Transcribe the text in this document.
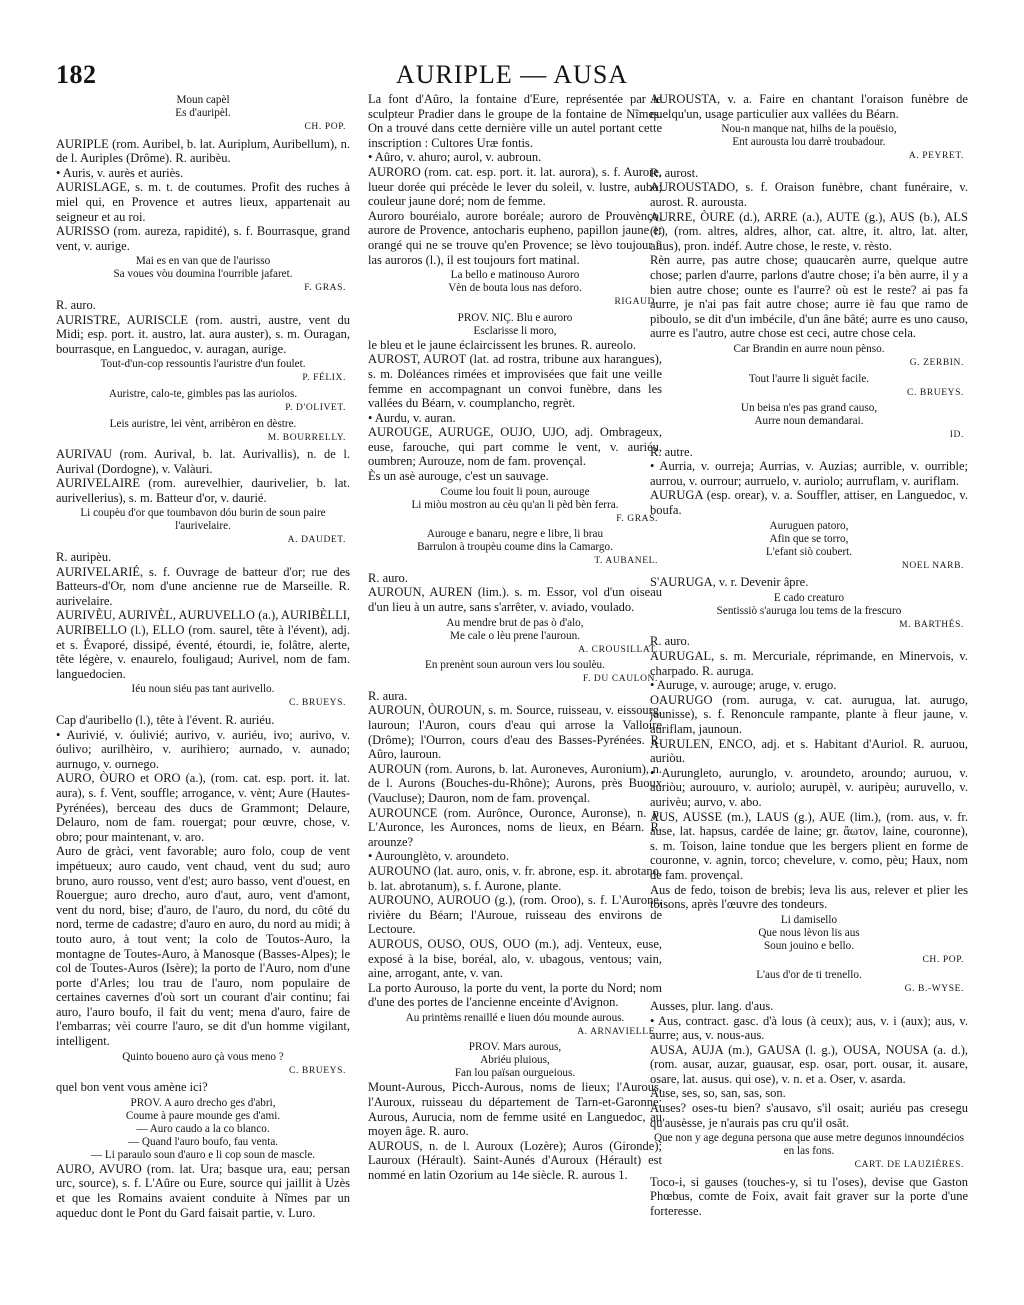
182	AURIPLE — AUSA
Moun capèl
Es d'auripèl.
CH. POP.

AURIPLE (rom. Auribel, b. lat. Auriplum, Auribellum), n. de l. Auriples (Drôme). R. auribèu.

• Auris, v. aurès et auriès.

AURISLAGE, s. m. t. de coutumes. Profit des ruches à miel qui, en Provence et autres lieux, appartenait au seigneur et au roi.

AURISSO (rom. aureza, rapidité), s. f. Bourrasque, grand vent, v. aurige.

Mai es en van que de l'aurisso
Sa voues vòu doumina l'ourrible jafaret.
F. GRAS.

R. auro.

AURISTRE, AURISCLE (rom. austri, austre, vent du Midi; esp. port. it. austro, lat. aura auster), s. m. Ouragan, bourrasque, en Languedoc, v. auragan, aurige.

Tout-d'un-cop ressountis l'auristre d'un foulet.
P. FÉLIX.
Auristre, calo-te, gimbles pas las auriolos.
P. D'OLIVET.
Leis auristre, lei vènt, arribèron en dèstre.
M. BOURRELLY.

AURIVAU (rom. Aurival, b. lat. Aurivallis), n. de l. Aurival (Dordogne), v. Valàuri.

AURIVELAIRE (rom. aurevelhier, daurivelier, b. lat. aurivellerius), s. m. Batteur d'or, v. daurié.

Li coupèu d'or que toumbavon dóu burin de soun paire l'aurivelaire.
A. DAUDET.

R. auripèu.

AURIVELARIÉ, s. f. Ouvrage de batteur d'or; rue des Batteurs-d'Or, nom d'une ancienne rue de Marseille. R. aurivelaire.

AURIVÈU, AURIVÈL, AURUVELLO (a.), AURIBÈLLI, AURIBELLO (l.), ELLO (rom. saurel, tête à l'évent), adj. et s. Évaporé, dissipé, éventé, étourdi, ie, folâtre, alerte, tête légère, v. enaurelo, fouligaud; Aurivel, nom de fam. languedocien.

Iéu noun siéu pas tant aurivello.
C. BRUEYS.

Cap d'auribello (l.), tête à l'évent. R. auriéu.

• Aurivié, v. óulivié; aurivo, v. auriéu, ivo; aurivo, v. óulivo; aurilhèiro, v. aurihiero; aurnado, v. aunado; aurnugo, v. ournego.

AURO, ÒURO et ORO (a.), (rom. cat. esp. port. it. lat. aura), s. f. Vent, souffle; arrogance, v. vènt; Aure (Hautes-Pyrénées), berceau des ducs de Grammont; Delaure, Delauro, nom de fam. rouergat; pour œuvre, chose, v. obro; pour maintenant, v. aro.

Auro de gràci, vent favorable; auro folo, coup de vent impétueux; auro caudo, vent chaud, vent du sud; auro bruno, auro rousso, vent d'est; auro basso, vent d'ouest, en Rouergue; auro drecho, auro d'aut, auro, vent d'amont, vent du nord, bise; d'auro, de l'auro, du nord, du côté du nord, terme de cadastre; d'auro en auro, du nord au midi; à touto auro, à tout vent; la colo de Toutos-Auro, la montagne de Toutes-Auro, à Manosque (Basses-Alpes); le col de Toutes-Auros (Isère); la porto de l'Auro, nom d'une porte d'Arles; lou trau de l'auro, nom populaire de certaines cavernes d'où sort un courant d'air continu; fai auro, l'auro boufo, il fait du vent; mena d'auro, faire de l'embarras; vèi courre l'auro, se dit d'un homme vigilant, intelligent.

Quinto boueno auro çà vous meno ?
C. BRUEYS.

quel bon vent vous amène ici?

PROV. A auro drecho ges d'abri,
Coume à paure mounde ges d'ami.
— Auro caudo a la co blanco.
— Quand l'auro boufo, fau venta.
— Li paraulo soun d'auro e li cop soun de mascle.

AURO, AVURO (rom. lat. Ura; basque ura, eau; persan urc, source), s. f. L'Aûre ou Eure, source qui jaillit à Uzès et que les Romains avaient conduite à Nîmes par un aqueduc dont le Pont du Gard faisait partie, v. Luro.

La font d'Aûro, la fontaine d'Eure, représentée par le sculpteur Pradier dans le groupe de la fontaine de Nîmes. On a trouvé dans cette dernière ville un autel portant cette inscription : Cultores Uræ fontis.

• Aûro, v. ahuro; aurol, v. aubroun.

AURORO (rom. cat. esp. port. it. lat. aurora), s. f. Aurore, lueur dorée qui précède le lever du soleil, v. lustre, aubo; couleur jaune doré; nom de femme.

Auroro bouréialo, aurore boréale; auroro de Prouvènço, aurore de Provence, antocharis eupheno, papillon jaune et orangé qui ne se trouve qu'en Provence; se lèvo toujour à las auroros (l.), il est toujours fort matinal.

La bello e matinouso Auroro
Vèn de bouta lous nas deforo.
RIGAUD.
PROV. NIÇ. Blu e auroro
Esclarisse li moro,

le bleu et le jaune éclaircissent les brunes. R. aureolo.

AUROST, AUROT (lat. ad rostra, tribune aux harangues), s. m. Doléances rimées et improvisées que fait une veille femme en accompagnant un convoi funèbre, dans les vallées du Béarn, v. coumplancho, regrèt.

• Aurdu, v. auran.

AUROUGE, AURUGE, OUJO, UJO, adj. Ombrageux, euse, farouche, qui part comme le vent, v. auriéu, oumbren; Aurouze, nom de fam. provençal.

Ès un asè aurouge, c'est un sauvage.

Coume lou fouit li poun, aurouge
Li miòu mostron au cèu qu'an li pèd bèn ferra.
F. GRAS.
Aurouge e banaru, negre e libre, li brau
Barrulon à troupèu coume dins la Camargo.
T. AUBANEL.

R. auro.

AUROUN, AUREN (lim.). s. m. Essor, vol d'un oiseau d'un lieu à un autre, sans s'arrêter, v. aviado, voulado.

Au mendre brut de pas ò d'alo,
Me cale o lèu prene l'auroun.
A. CROUSILLAT.
En prenènt soun auroun vers lou soulèu.
F. DU CAULON.

R. aura.

AUROUN, ÒUROUN, s. m. Source, ruisseau, v. eissourg, lauroun; l'Auron, cours d'eau qui arrose la Valloire (Drôme); l'Ourron, cours d'eau des Basses-Pyrénées. R. Aûro, lauroun.

AUROUN (rom. Aurons, b. lat. Auroneves, Auronium), n. de l. Aurons (Bouches-du-Rhône); Aurons, près Buoux (Vaucluse); Dauron, nom de fam. provençal.

AUROUNCE (rom. Aurônce, Ouronce, Auronse), n. p. L'Auronce, les Auronces, noms de lieux, en Béarn. R. arounze?

• Aurounglèto, v. aroundeto.

AUROUNO (lat. auro, onis, v. fr. abrone, esp. it. abrotano, b. lat. abrotanum), s. f. Aurone, plante.

AUROUNO, AUROUO (g.), (rom. Oroo), s. f. L'Aurone, rivière du Béarn; l'Auroue, ruisseau des environs de Lectoure.

AUROUS, OUSO, OUS, OUO (m.), adj. Venteux, euse, exposé à la bise, boréal, alo, v. ubagous, ventous; vain, aine, arrogant, ante, v. van.

La porto Aurouso, la porte du vent, la porte du Nord; nom d'une des portes de l'ancienne enceinte d'Avignon.

Au printèms renaillé e liuen dóu mounde aurous.
A. ARNAVIELLE.
PROV. Mars aurous,
Abriéu pluious,
Fan lou païsan ourgueious.

Mount-Aurous, Picch-Aurous, noms de lieux; l'Aurous, l'Auroux, ruisseau du département de Tarn-et-Garonne; Aurous, Aurucia, nom de femme usité en Languedoc, au moyen âge. R. auro.

AUROUS, n. de l. Auroux (Lozère); Auros (Gironde); Lauroux (Hérault). Saint-Aunés d'Auroux (Hérault) est nommé en latin Ozorium au 14e siècle. R. aurous 1.

AUROUSTA, v. a. Faire en chantant l'oraison funèbre de quelqu'un, usage particulier aux vallées du Béarn.

Nou-n manque nat, hilhs de la pouësio,
Ent aurousta lou darrè troubadour.
A. PEYRET.

R. aurost.

AUROUSTADO, s. f. Oraison funèbre, chant funéraire, v. aurost. R. aurousta.

AURRE, ÒURE (d.), ARRE (a.), AUTE (g.), AUS (b.), ALS (l.), (rom. altres, aldres, alhor, cat. altre, it. altro, lat. alter, alius), pron. indéf. Autre chose, le reste, v. rèsto.

Rèn aurre, pas autre chose; quaucarèn aurre, quelque autre chose; parlen d'aurre, parlons d'autre chose; i'a bèn aurre, il y a bien autre chose; ounte es l'aurre? où est le reste? ai pas fa aurre, je n'ai pas fait autre chose; aurre iè fau que ramo de piboulo, se dit d'un imbécile, d'un âne bâté; aurre es uno causo, aurre es l'autro, autre chose est ceci, autre chose cela.

Car Brandin en aurre noun pènso.
G. ZERBIN.
Tout l'aurre li siguèt facile.
C. BRUEYS.
Un beisa n'es pas grand causo,
Aurre noun demandarai.
ID.

R. autre.

• Aurria, v. ourreja; Aurrias, v. Auzias; aurrible, v. ourrible; aurrou, v. ourrour; aurruelo, v. auriolo; aurruflam, v. auriflam.

AURUGA (esp. orear), v. a. Souffler, attiser, en Languedoc, v. boufa.

Auruguen patoro,
Afin que se torro,
L'efant siò coubert.
NOEL NARB.

S'AURUGA, v. r. Devenir âpre.

E cado creaturo
Sentissiò s'auruga lou tems de la frescuro
M. BARTHÉS.

R. auro.

AURUGAL, s. m. Mercuriale, réprimande, en Minervois, v. charpado. R. auruga.

• Auruge, v. aurouge; aruge, v. erugo.

OAURUGO (rom. auruga, v. cat. aurugua, lat. aurugo, jaunisse), s. f. Renoncule rampante, plante à fleur jaune, v. auriflam, jaunoun.

AURULEN, ENCO, adj. et s. Habitant d'Auriol. R. auruou, auriòu.

• Aurungleto, aurunglo, v. aroundeto, aroundo; auruou, v. auriòu; aurouuro, v. auriolo; aurupèl, v. auripèu; auruvello, v. aurivèu; aurvo, v. abo.

AUS, AUSSE (m.), LAUS (g.), AUE (lim.), (rom. aus, v. fr. ause, lat. hapsus, cardée de laine; gr. ἄωτον, laine, couronne), s. m. Toison, laine tondue que les bergers plient en forme de couronne, v. agnin, torco; chevelure, v. como, pèu; Haux, nom de fam. provençal.

Aus de fedo, toison de brebis; leva lis aus, relever et plier les toisons, après l'œuvre des tondeurs.

Li damisello
Que nous lèvon lis aus
Soun jouino e bello.
CH. POP.
L'aus d'or de ti trenello.
G. B.-WYSE.

Ausses, plur. lang. d'aus.

• Aus, contract. gasc. d'à lous (à ceux); aus, v. i (aux); aus, v. aurre; aus, v. nous-aus.

AUSA, AUJA (m.), GAUSA (l. g.), OUSA, NOUSA (a. d.), (rom. ausar, auzar, guausar, esp. osar, port. ousar, it. ausare, osare, lat. ausus. qui ose), v. n. et a. Oser, v. asarda.

Ause, ses, so, san, sas, son.

Auses? oses-tu bien? s'ausavo, s'il osait; auriéu pas cresegu qu'ausèsse, je n'aurais pas cru qu'il osât.

Que non y age deguna persona que ause metre degunos innoundécios en las fons.
CART. DE LAUZIÈRES.

Toco-i, si gauses (touches-y, si tu l'oses), devise que Gaston Phœbus, comte de Foix, avait fait graver sur la porte d'une forteresse.
